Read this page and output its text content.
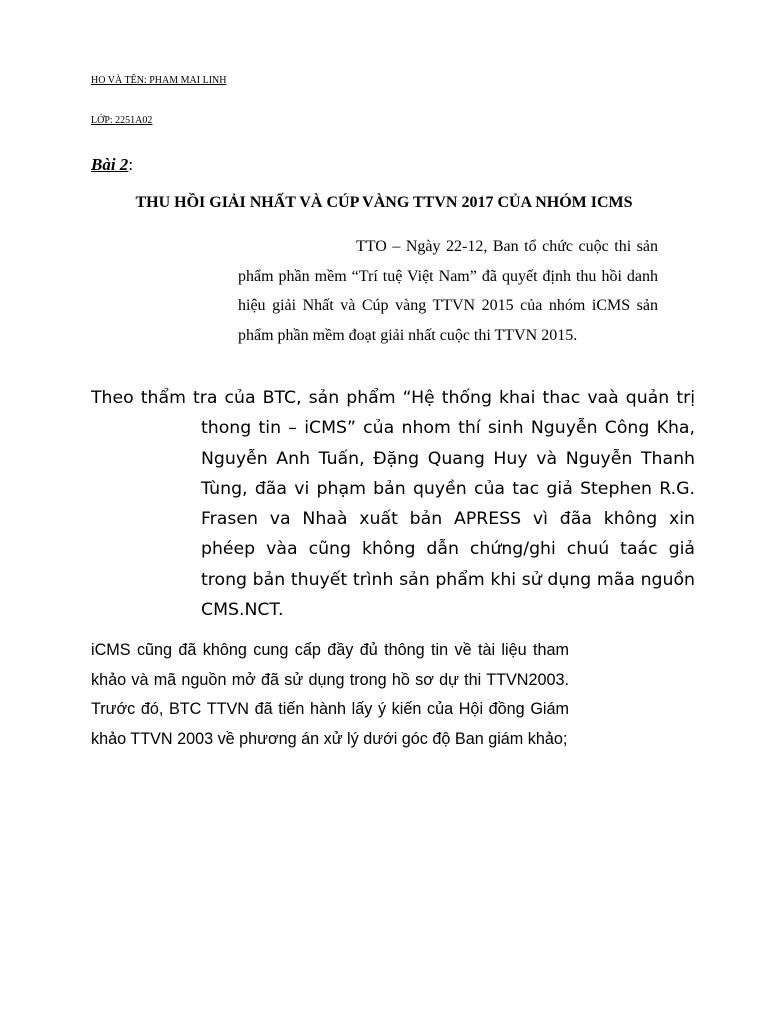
HO VÀ TÊN: PHAM MAI LINH
LỚP: 2251A02
Bài 2:
THU HỒI GIẢI NHẤT VÀ CÚP VÀNG TTVN 2017 CỦA NHÓM ICMS

TTO – Ngày 22-12, Ban tổ chức cuộc thi sản phẩm phần mềm “Trí tuệ Việt Nam” đã quyết định thu hồi danh hiệu giải Nhất và Cúp vàng TTVN 2015 của nhóm iCMS sản phẩm phần mềm đoạt giải nhất cuộc thi TTVN 2015.

Theo thẩm tra của BTC, sản phẩm “Hệ thống khai thac vaà quản trị thong tin – iCMS” của nhom thí sinh Nguyễn Công Kha, Nguyễn Anh Tuấn, Đặng Quang Huy và Nguyễn Thanh Tùng, đãa vi phạm bản quyền của tac giả Stephen R.G. Frasen va Nhaà xuất bản APRESS vì đãa không xin phéep vàa cũng không dẫn chứng/ghi chuú taác giả trong bản thuyết trình sản phẩm khi sử dụng mãa nguồn CMS.NCT.

iCMS cũng đã không cung cấp đầy đủ thông tin về tài liệu tham khảo và mã nguồn mở đã sử dụng trong hồ sơ dự thi TTVN2003. Trước đó, BTC TTVN đã tiến hành lấy ý kiến của Hội đồng Giám khảo TTVN 2003 về phương án xử lý dưới góc độ Ban giám khảo;
